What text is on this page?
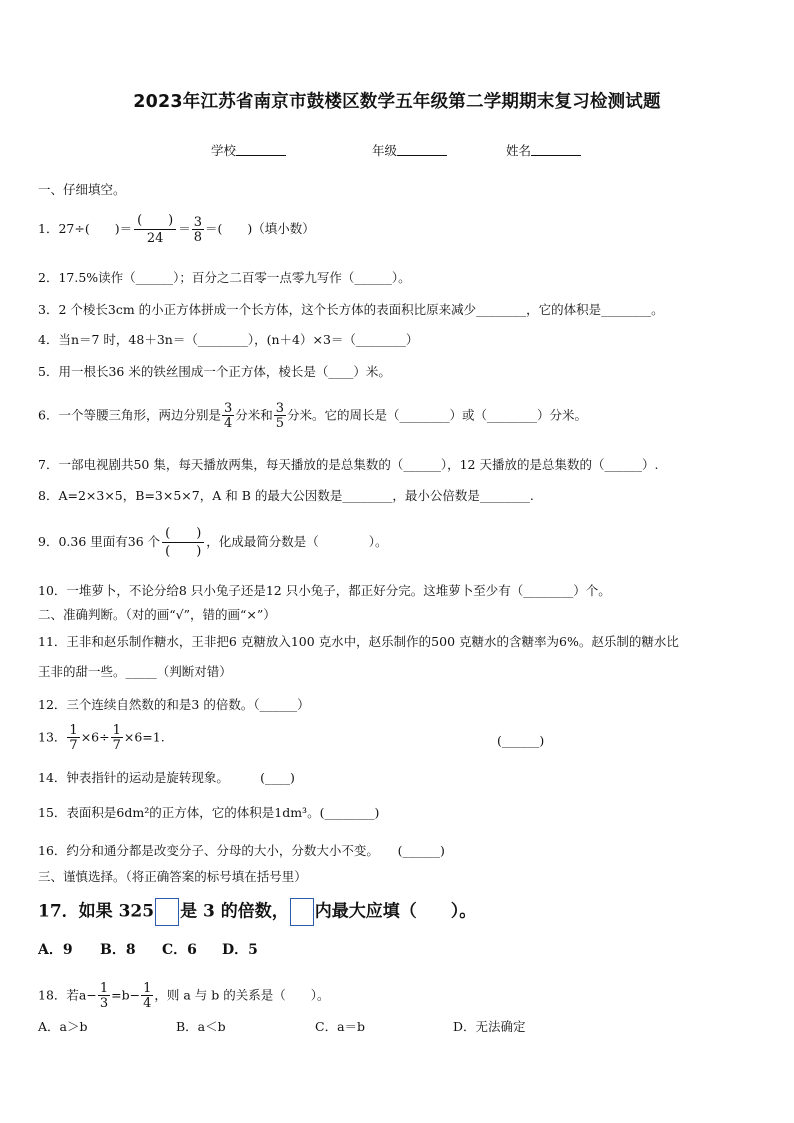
2023年江苏省南京市鼓楼区数学五年级第二学期期末复习检测试题
学校	年级	姓名
一、仔细填空。
1．27÷(　　)＝ $\frac{( )}{24} = \frac{3}{8}$ ＝(　　)（填小数）
2．17.5%读作（______）；百分之二百零一点零九写作（______）。
3．2 个棱长3cm 的小正方体拼成一个长方体，这个长方体的表面积比原来减少________，它的体积是________。
4．当n＝7 时，48＋3n＝（________），(n＋4）×3＝（________）
5．用一根长36 米的铁丝围成一个正方体，棱长是（____）米。
6．一个等腰三角形，两边分别是 $\frac{3}{4}$ 分米和 $\frac{3}{5}$ 分米。它的周长是（________）或（________）分米。
7．一部电视剧共50 集，每天播放两集，每天播放的是总集数的（______），12 天播放的是总集数的（______）.
8．A=2×3×5，B=3×5×7，A 和 B 的最大公因数是________，最小公倍数是________.
9．0.36 里面有36 个 $\frac{( )}{( )}$ ，化成最简分数是（　　　　）。
10．一堆萝卜，不论分给8 只小兔子还是12 只小兔子，都正好分完。这堆萝卜至少有（________）个。
二、准确判断。（对的画“√”，错的画“×”）
11．王非和赵乐制作糖水，王非把6 克糖放入100 克水中，赵乐制作的500 克糖水的含糖率为6%。赵乐制的糖水比
王非的甜一些。_____（判断对错）
12．三个连续自然数的和是3 的倍数。（______）
13． $\frac{1}{7} \times 6\div \frac{1}{7} \times 6=1$.	(______)
14．钟表指针的运动是旋转现象。　　　(____)
15．表面积是6dm²的正方体，它的体积是1dm³。(________)
16．约分和通分都是改变分子、分母的大小，分数大小不变。　　(______)
三、谨慎选择。（将正确答案的标号填在括号里）
17．如果 325 是 3 的倍数， 内最大应填（　　）。
A．9 B．8 C．6 D．5
18．若$a- \frac{1}{3} =b- \frac{1}{4}$ ，则 a 与 b 的关系是（　　）。
A．a＞b	B．a＜b	C．a＝b	D．无法确定
